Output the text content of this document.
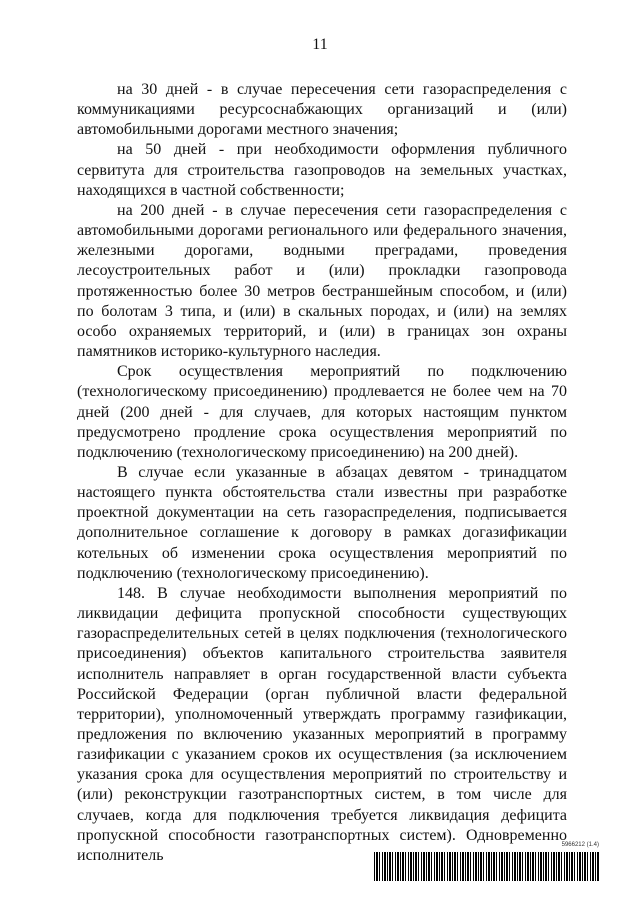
11

на 30 дней - в случае пересечения сети газораспределения с коммуникациями ресурсоснабжающих организаций и (или) автомобильными дорогами местного значения;

на 50 дней - при необходимости оформления публичного сервитута для строительства газопроводов на земельных участках, находящихся в частной собственности;

на 200 дней - в случае пересечения сети газораспределения с автомобильными дорогами регионального или федерального значения, железными дорогами, водными преградами, проведения лесоустроительных работ и (или) прокладки газопровода протяженностью более 30 метров бестраншейным способом, и (или) по болотам 3 типа, и (или) в скальных породах, и (или) на землях особо охраняемых территорий, и (или) в границах зон охраны памятников историко-культурного наследия.

Срок осуществления мероприятий по подключению (технологическому присоединению) продлевается не более чем на 70 дней (200 дней - для случаев, для которых настоящим пунктом предусмотрено продление срока осуществления мероприятий по подключению (технологическому присоединению) на 200 дней).

В случае если указанные в абзацах девятом - тринадцатом настоящего пункта обстоятельства стали известны при разработке проектной документации на сеть газораспределения, подписывается дополнительное соглашение к договору в рамках догазификации котельных об изменении срока осуществления мероприятий по подключению (технологическому присоединению).

148. В случае необходимости выполнения мероприятий по ликвидации дефицита пропускной способности существующих газораспределительных сетей в целях подключения (технологического присоединения) объектов капитального строительства заявителя исполнитель направляет в орган государственной власти субъекта Российской Федерации (орган публичной власти федеральной территории), уполномоченный утверждать программу газификации, предложения по включению указанных мероприятий в программу газификации с указанием сроков их осуществления (за исключением указания срока для осуществления мероприятий по строительству и (или) реконструкции газотранспортных систем, в том числе для случаев, когда для подключения требуется ликвидация дефицита пропускной способности газотранспортных систем). Одновременно исполнитель

5966212 (1.4)
